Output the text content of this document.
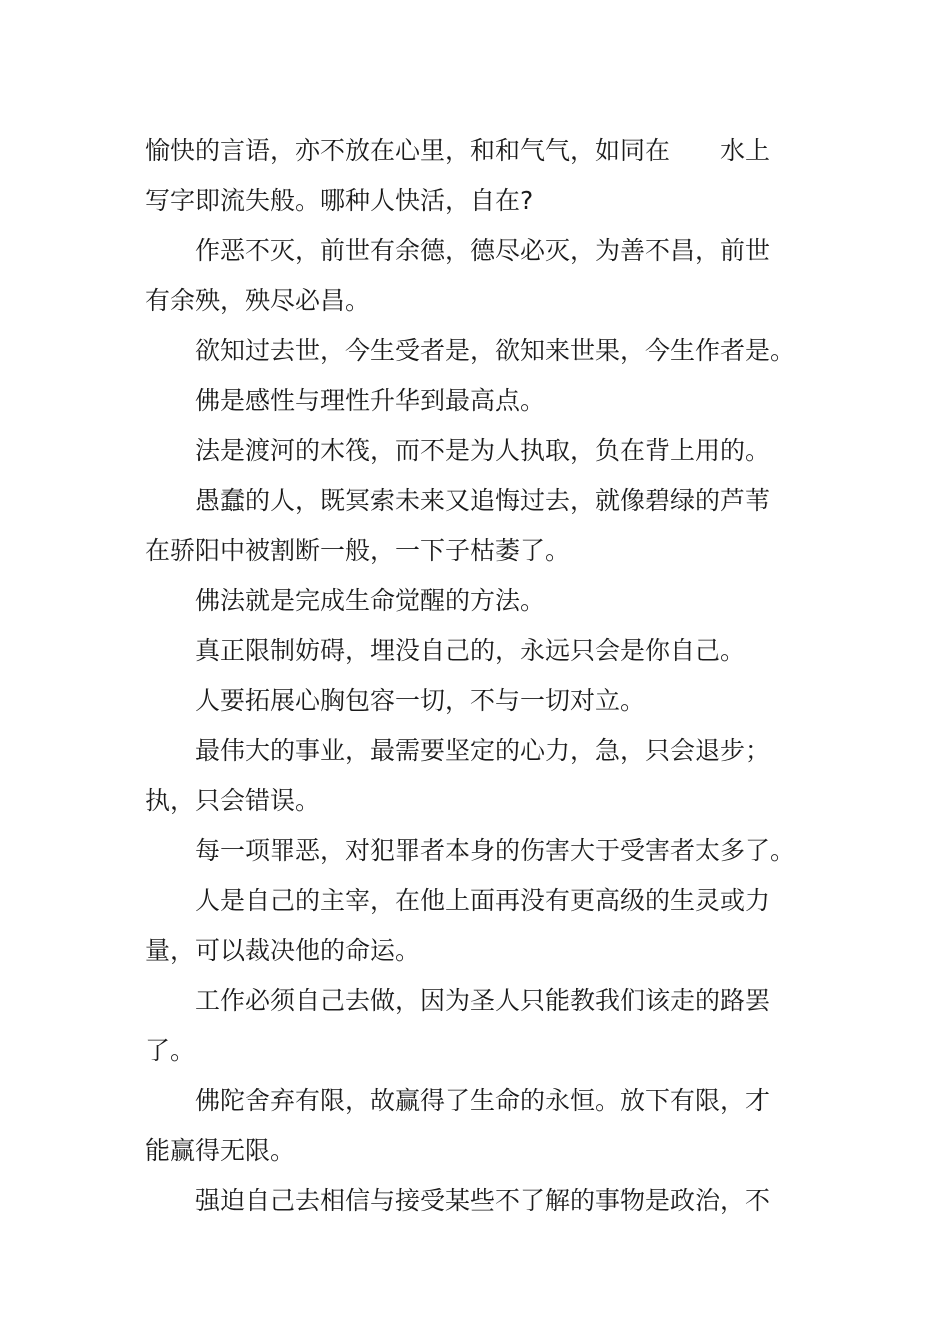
愉快的言语，亦不放在心里，和和气气，如同在　　水上
写字即流失般。哪种人快活，自在?
作恶不灭，前世有余德，德尽必灭，为善不昌，前世
有余殃，殃尽必昌。
欲知过去世，今生受者是，欲知来世果，今生作者是。
佛是感性与理性升华到最高点。
法是渡河的木筏，而不是为人执取，负在背上用的。
愚蠢的人，既冥索未来又追悔过去，就像碧绿的芦苇
在骄阳中被割断一般，一下子枯萎了。
佛法就是完成生命觉醒的方法。
真正限制妨碍，埋没自己的，永远只会是你自己。
人要拓展心胸包容一切，不与一切对立。
最伟大的事业，最需要坚定的心力，急，只会退步；
执，只会错误。
每一项罪恶，对犯罪者本身的伤害大于受害者太多了。
人是自己的主宰，在他上面再没有更高级的生灵或力
量，可以裁决他的命运。
工作必须自己去做，因为圣人只能教我们该走的路罢
了。
佛陀舍弃有限，故赢得了生命的永恒。放下有限，才
能赢得无限。
强迫自己去相信与接受某些不了解的事物是政治，不
